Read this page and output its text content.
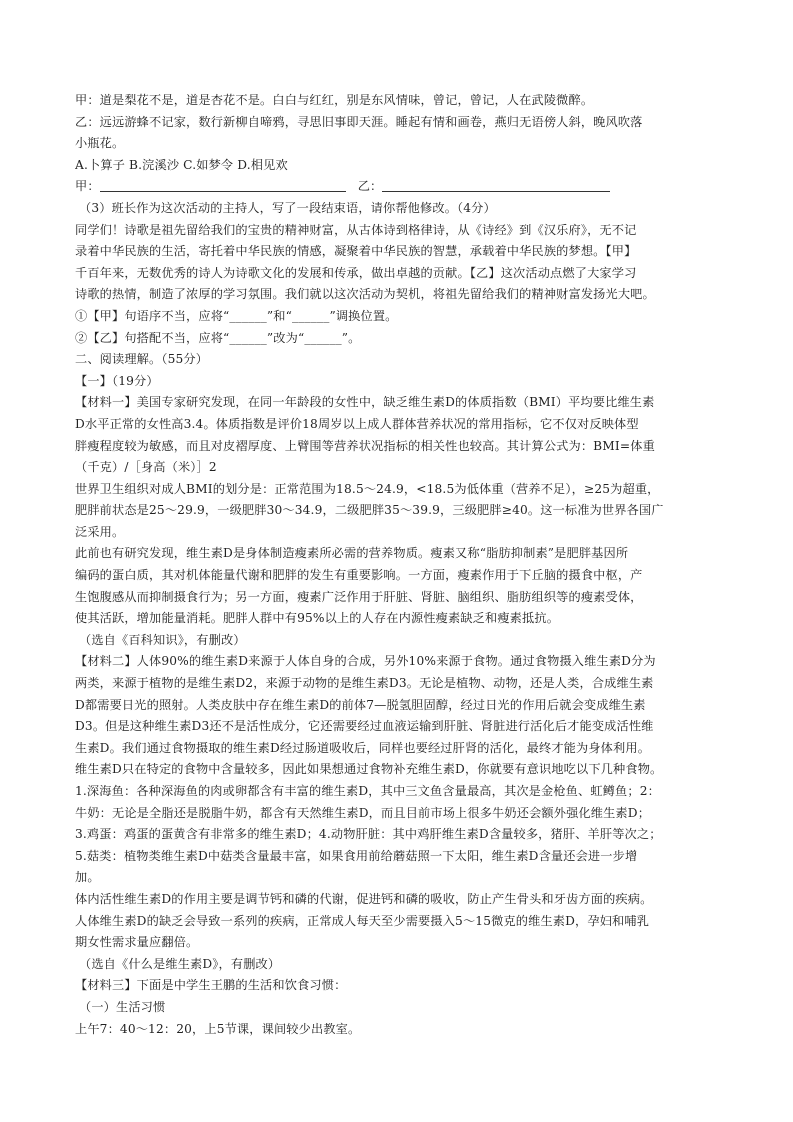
甲：道是梨花不是，道是杏花不是。白白与红红，别是东风情味，曾记，曾记，人在武陵微醉。
乙：远远游蜂不记家，数行新柳自啼鸦，寻思旧事即天涯。睡起有情和画卷，燕归无语傍人斜，晚风吹落
小瓶花。
A.卜算子 B.浣溪沙 C.如梦令 D.相见欢
甲：	乙：
（3）班长作为这次活动的主持人，写了一段结束语，请你帮他修改。（4分）
同学们！诗歌是祖先留给我们的宝贵的精神财富，从古体诗到格律诗，从《诗经》到《汉乐府》，无不记
录着中华民族的生活，寄托着中华民族的情感，凝聚着中华民族的智慧，承载着中华民族的梦想。【甲】
千百年来，无数优秀的诗人为诗歌文化的发展和传承，做出卓越的贡献。【乙】这次活动点燃了大家学习
诗歌的热情，制造了浓厚的学习氛围。我们就以这次活动为契机，将祖先留给我们的精神财富发扬光大吧。
①【甲】句语序不当，应将“______”和“______”调换位置。
②【乙】句搭配不当，应将“______”改为“______”。
二、阅读理解。（55分）
【一】（19分）
【材料一】美国专家研究发现，在同一年龄段的女性中，缺乏维生素D的体质指数（BMI）平均要比维生素
D水平正常的女性高3.4。体质指数是评价18周岁以上成人群体营养状况的常用指标，它不仅对反映体型
胖瘦程度较为敏感，而且对皮褶厚度、上臂围等营养状况指标的相关性也较高。其计算公式为：BMI=体重
（千克）/［身高（米）］2
世界卫生组织对成人BMI的划分是：正常范围为18.5～24.9，<18.5为低体重（营养不足），≥25为超重，
肥胖前状态是25～29.9，一级肥胖30～34.9，二级肥胖35～39.9，三级肥胖≥40。这一标准为世界各国广
泛采用。
此前也有研究发现，维生素D是身体制造瘦素所必需的营养物质。瘦素又称“脂肪抑制素”是肥胖基因所
编码的蛋白质，其对机体能量代谢和肥胖的发生有重要影响。一方面，瘦素作用于下丘脑的摄食中枢，产
生饱腹感从而抑制摄食行为；另一方面，瘦素广泛作用于肝脏、肾脏、脑组织、脂肪组织等的瘦素受体，
使其活跃，增加能量消耗。肥胖人群中有95%以上的人存在内源性瘦素缺乏和瘦素抵抗。
（选自《百科知识》，有删改）
【材料二】人体90%的维生素D来源于人体自身的合成，另外10%来源于食物。通过食物摄入维生素D分为
两类，来源于植物的是维生素D2，来源于动物的是维生素D3。无论是植物、动物，还是人类，合成维生素
D都需要日光的照射。人类皮肤中存在维生素D的前体7—脱氢胆固醇，经过日光的作用后就会变成维生素
D3。但是这种维生素D3还不是活性成分，它还需要经过血液运输到肝脏、肾脏进行活化后才能变成活性维
生素D。我们通过食物摄取的维生素D经过肠道吸收后，同样也要经过肝肾的活化，最终才能为身体利用。
维生素D只在特定的食物中含量较多，因此如果想通过食物补充维生素D，你就要有意识地吃以下几种食物。
1.深海鱼：各种深海鱼的肉或卵都含有丰富的维生素D，其中三文鱼含量最高，其次是金枪鱼、虹鳟鱼；2：
牛奶：无论是全脂还是脱脂牛奶，都含有天然维生素D，而且目前市场上很多牛奶还会额外强化维生素D；
3.鸡蛋：鸡蛋的蛋黄含有非常多的维生素D；4.动物肝脏：其中鸡肝维生素D含量较多，猪肝、羊肝等次之；
5.菇类：植物类维生素D中菇类含量最丰富，如果食用前给蘑菇照一下太阳，维生素D含量还会进一步增
加。
体内活性维生素D的作用主要是调节钙和磷的代谢，促进钙和磷的吸收，防止产生骨头和牙齿方面的疾病。
人体维生素D的缺乏会导致一系列的疾病，正常成人每天至少需要摄入5～15微克的维生素D，孕妇和哺乳
期女性需求量应翻倍。
（选自《什么是维生素D》，有删改）
【材料三】下面是中学生王鹏的生活和饮食习惯：
（一）生活习惯
上午7：40～12：20，上5节课，课间较少出教室。
